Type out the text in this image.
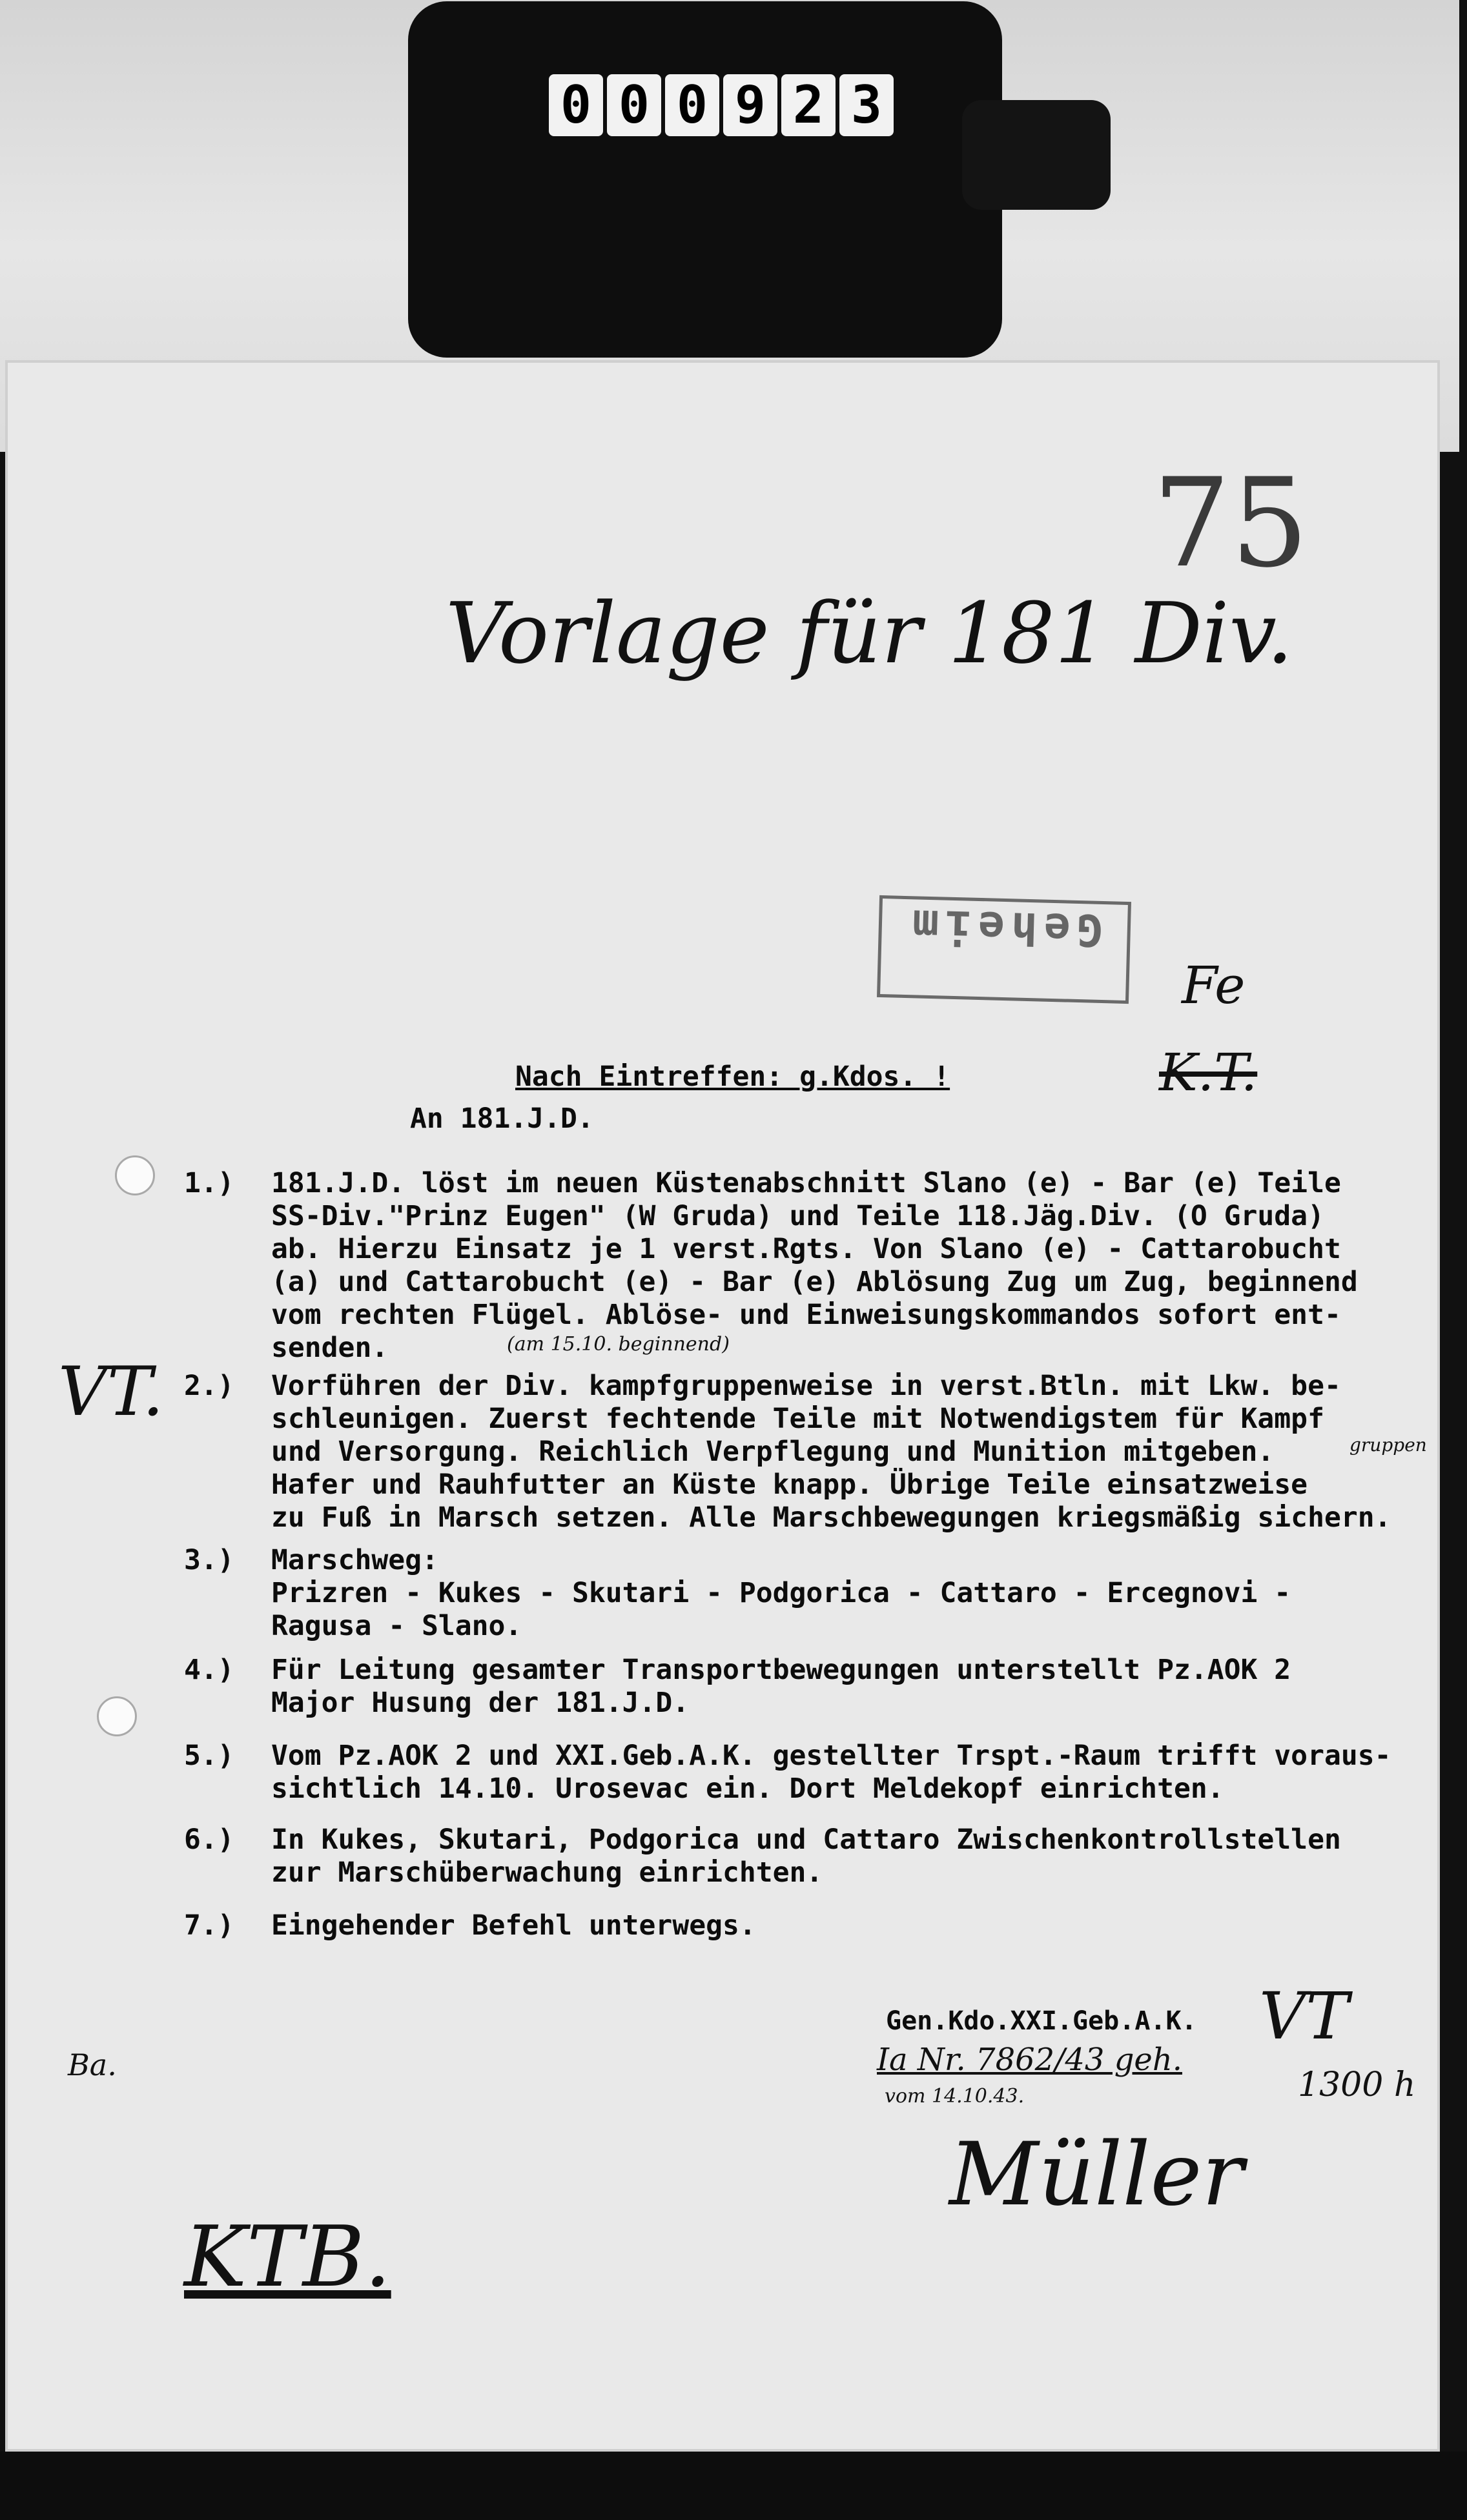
0 0 0 9 2 3
75
Vorlage für 181 Div.
Geheim
Fe
K.T.
Nach Eintreffen: g.Kdos. !
An 181.J.D.
1.) 181.J.D. löst im neuen Küstenabschnitt Slano (e) - Bar (e) Teile
SS-Div."Prinz Eugen" (W Gruda) und Teile 118.Jäg.Div. (O Gruda)
ab. Hierzu Einsatz je 1 verst.Rgts. Von Slano (e) - Cattarobucht
(a) und Cattarobucht (e) - Bar (e) Ablösung Zug um Zug, beginnend
vom rechten Flügel. Ablöse- und Einweisungskommandos sofort ent-
senden.	(am 15.10. beginnend)
gruppen
VT. 2.) Vorführen der Div. kampfgruppenweise in verst.Btln. mit Lkw. be-
schleunigen. Zuerst fechtende Teile mit Notwendigstem für Kampf
und Versorgung. Reichlich Verpflegung und Munition mitgeben.
Hafer und Rauhfutter an Küste knapp. Übrige Teile einsatzweise
zu Fuß in Marsch setzen. Alle Marschbewegungen kriegsmäßig sichern.
3.) Marschweg:
Prizren - Kukes - Skutari - Podgorica - Cattaro - Ercegnovi -
Ragusa - Slano.
4.) Für Leitung gesamter Transportbewegungen unterstellt Pz.AOK 2
Major Husung der 181.J.D.
5.) Vom Pz.AOK 2 und XXI.Geb.A.K. gestellter Trspt.-Raum trifft voraus-
sichtlich 14.10. Urosevac ein. Dort Meldekopf einrichten.
6.) In Kukes, Skutari, Podgorica und Cattaro Zwischenkontrollstellen
zur Marschüberwachung einrichten.
7.) Eingehender Befehl unterwegs.
Gen.Kdo.XXI.Geb.A.K.
Ia Nr. 7862/43 geh.
vom 14.10.43.
VT
1300 h
Müller
Ba.
KTB.
